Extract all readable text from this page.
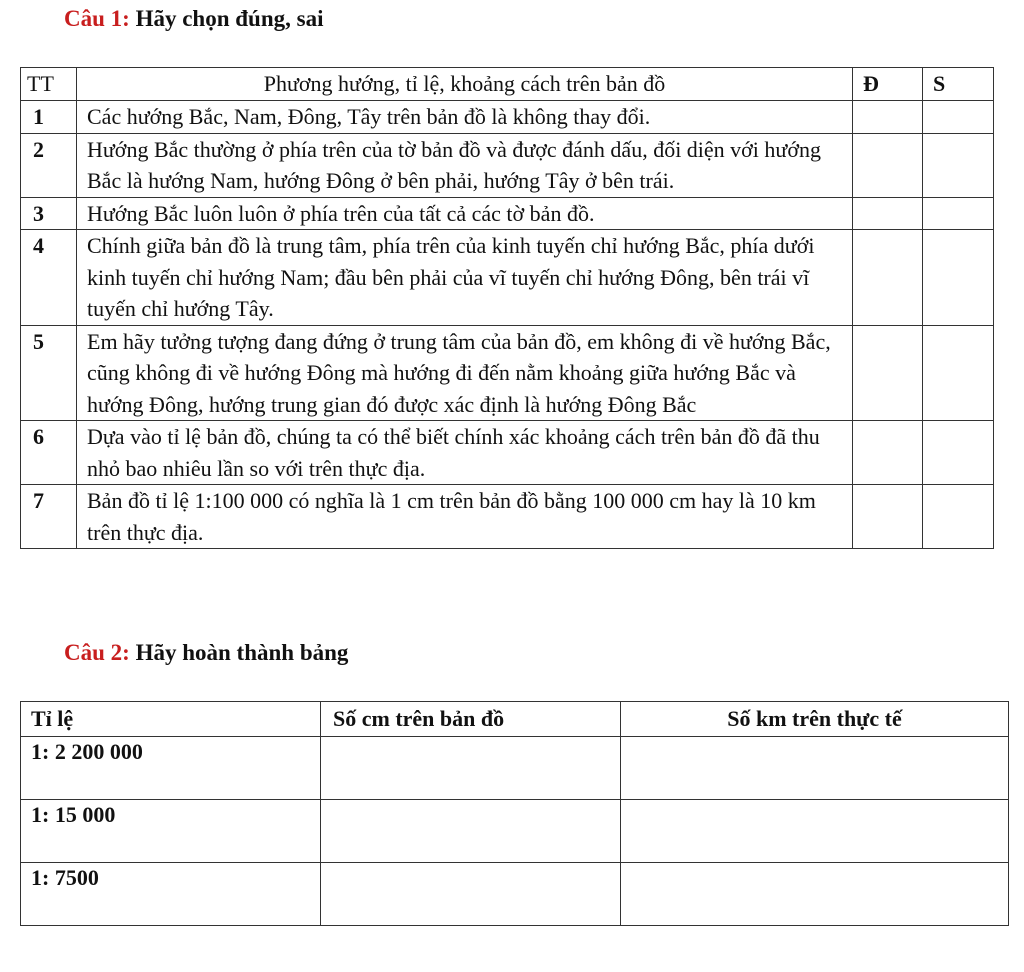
Câu 1: Hãy chọn đúng, sai
TT	Phương hướng, tỉ lệ, khoảng cách trên bản đồ	Đ	S
1	Các hướng Bắc, Nam, Đông, Tây trên bản đồ là không thay đổi.		
2	Hướng Bắc thường ở phía trên của tờ bản đồ và được đánh dấu, đối diện với hướng Bắc là hướng Nam, hướng Đông ở bên phải, hướng Tây ở bên trái.		
3	Hướng Bắc luôn luôn ở phía trên của tất cả các tờ bản đồ.		
4	Chính giữa bản đồ là trung tâm, phía trên của kinh tuyến chỉ hướng Bắc, phía dưới kinh tuyến chỉ hướng Nam; đầu bên phải của vĩ tuyến chỉ hướng Đông, bên trái vĩ tuyến chỉ hướng Tây.		
5	Em hãy tưởng tượng đang đứng ở trung tâm của bản đồ, em không đi về hướng Bắc, cũng không đi về hướng Đông mà hướng đi đến nằm khoảng giữa hướng Bắc và hướng Đông, hướng trung gian đó được xác định là hướng Đông Bắc		
6	Dựa vào tỉ lệ bản đồ, chúng ta có thể biết chính xác khoảng cách trên bản đồ đã thu nhỏ bao nhiêu lần so với trên thực địa.		
7	Bản đồ tỉ lệ 1:100 000 có nghĩa là 1 cm trên bản đồ bằng 100 000 cm hay là 10 km trên thực địa.		
Câu 2: Hãy hoàn thành bảng
Tỉ lệ	Số cm trên bản đồ	Số km trên thực tế
1: 2 200 000		
1: 15 000		
1: 7500		
